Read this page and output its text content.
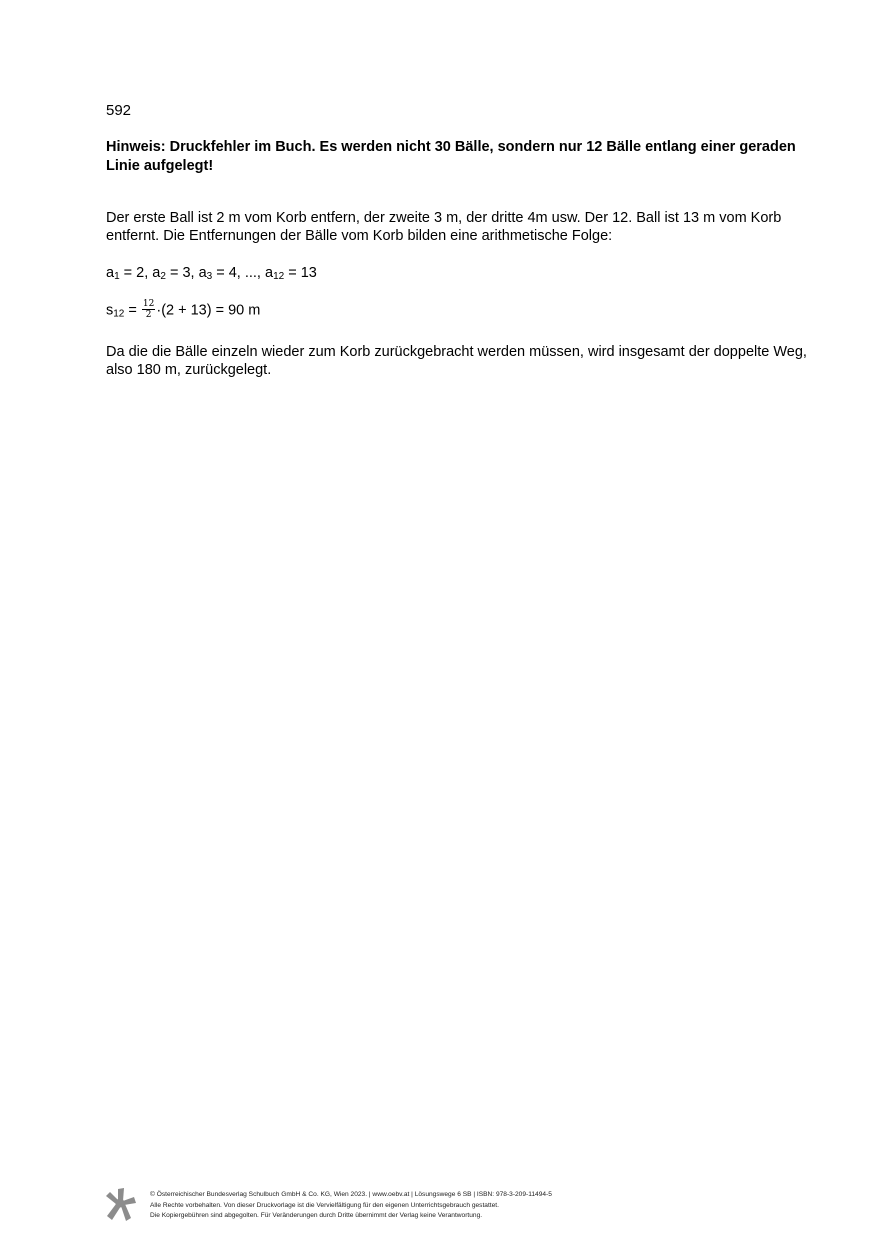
592
Hinweis: Druckfehler im Buch. Es werden nicht 30 Bälle, sondern nur 12 Bälle entlang einer geraden Linie aufgelegt!
Der erste Ball ist 2 m vom Korb entfern, der zweite 3 m, der dritte 4m usw. Der 12. Ball ist 13 m vom Korb entfernt. Die Entfernungen der Bälle vom Korb bilden eine arithmetische Folge:
$a_1 = 2$, $a_2 = 3$, $a_3 = 4$, ..., $a_{12} = 13$
$s_{12} = \frac{12}{2} \cdot(2 + 13) = 90$ m
Da die die Bälle einzeln wieder zum Korb zurückgebracht werden müssen, wird insgesamt der doppelte Weg, also 180 m, zurückgelegt.
© Österreichischer Bundesverlag Schulbuch GmbH & Co. KG, Wien 2023. | www.oebv.at | Lösungswege 6 SB | ISBN: 978-3-209-11494-5
Alle Rechte vorbehalten. Von dieser Druckvorlage ist die Vervielfältigung für den eigenen Unterrichtsgebrauch gestattet.
Die Kopiergebühren sind abgegolten. Für Veränderungen durch Dritte übernimmt der Verlag keine Verantwortung.
